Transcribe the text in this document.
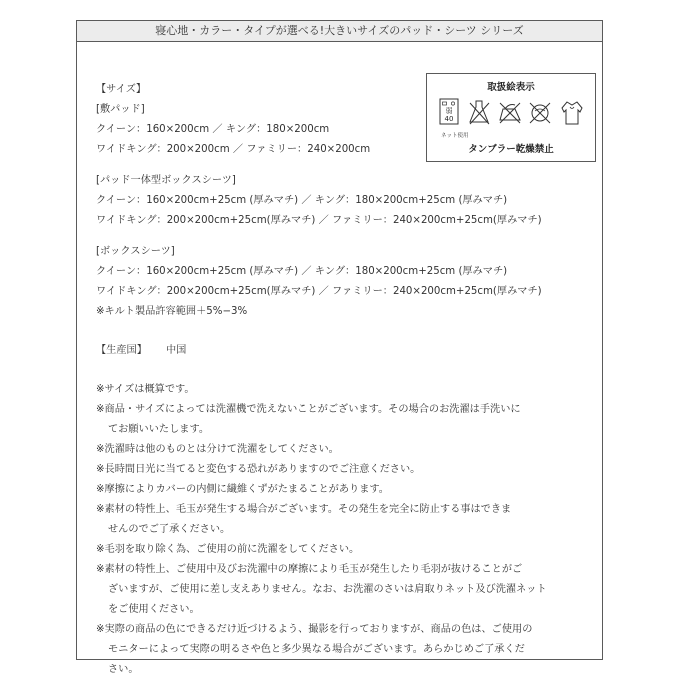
寝心地・カラー・タイプが選べる!大きいサイズのパッド・シーツ シリーズ
【サイズ】
[敷パッド]
クイーン：160×200cm ／ キング：180×200cm
ワイドキング：200×200cm ／ ファミリー：240×200cm
[パッド一体型ボックスシーツ]
クイーン：160×200cm+25cm (厚みマチ) ／ キング：180×200cm+25cm (厚みマチ)
ワイドキング：200×200cm+25cm(厚みマチ) ／ ファミリー：240×200cm+25cm(厚みマチ)
[ボックスシーツ]
クイーン：160×200cm+25cm (厚みマチ) ／ キング：180×200cm+25cm (厚みマチ)
ワイドキング：200×200cm+25cm(厚みマチ) ／ ファミリー：240×200cm+25cm(厚みマチ)
※キルト製品許容範囲＋5%−3%
【生産国】 中国
※サイズは概算です。
※商品・サイズによっては洗濯機で洗えないことがございます。その場合のお洗濯は手洗いに
てお願いいたします。
※洗濯時は他のものとは分けて洗濯をしてください。
※長時間日光に当てると変色する恐れがありますのでご注意ください。
※摩擦によりカバーの内側に繊維くずがたまることがあります。
※素材の特性上、毛玉が発生する場合がございます。その発生を完全に防止する事はできま
せんのでご了承ください。
※毛羽を取り除く為、ご使用の前に洗濯をしてください。
※素材の特性上、ご使用中及びお洗濯中の摩擦により毛玉が発生したり毛羽が抜けることがご
ざいますが、ご使用に差し支えありません。なお、お洗濯のさいは肩取りネット及び洗濯ネット
をご使用ください。
※実際の商品の色にできるだけ近づけるよう、撮影を行っておりますが、商品の色は、ご使用の
モニターによって実際の明るさや色と多少異なる場合がございます。あらかじめご了承くだ
さい。
取扱絵表示
弱
40
ネット使用
タンブラー乾燥禁止
